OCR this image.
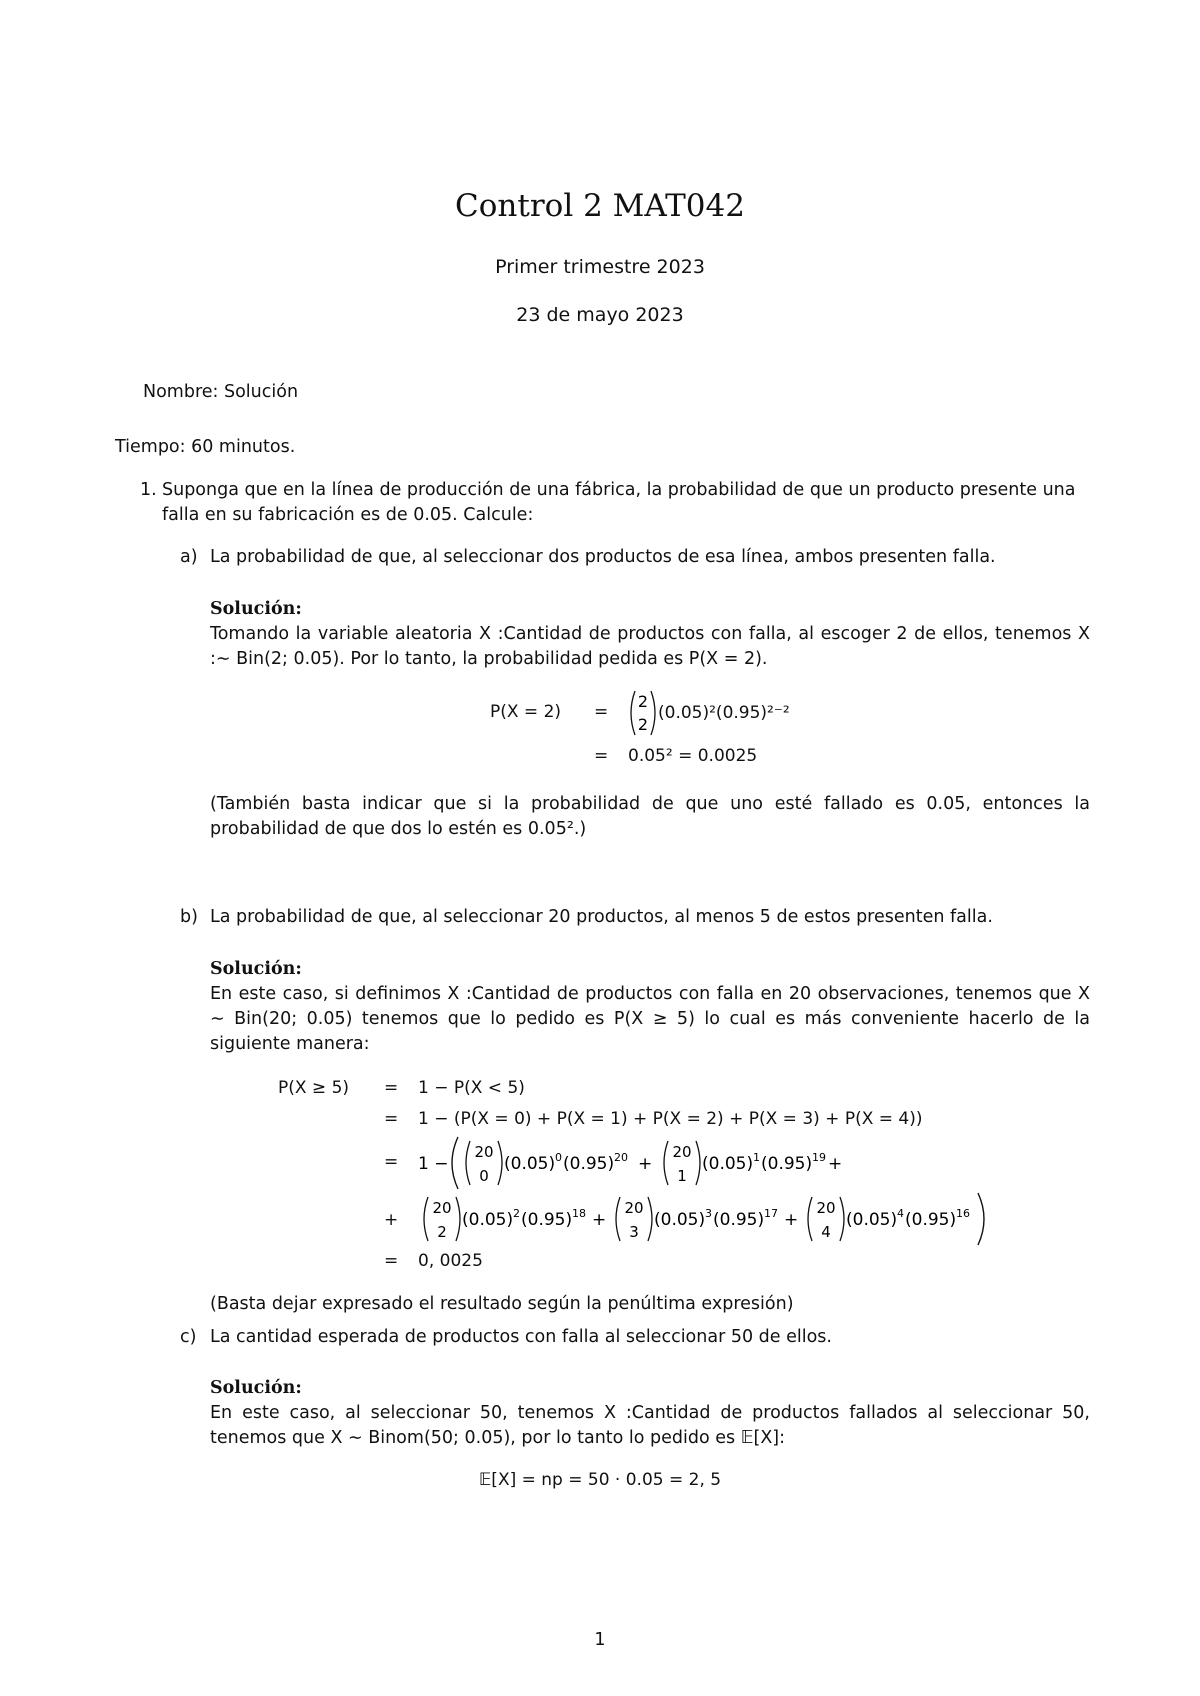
Control 2 MAT042
Primer trimestre 2023
23 de mayo 2023
Nombre: Solución
Tiempo: 60 minutos.
1. Suponga que en la línea de producción de una fábrica, la probabilidad de que un producto presente una falla en su fabricación es de 0.05. Calcule:
a) La probabilidad de que, al seleccionar dos productos de esa línea, ambos presenten falla.
Solución:
Tomando la variable aleatoria X :Cantidad de productos con falla, al escoger 2 de ellos, tenemos X :∼ Bin(2; 0.05). Por lo tanto, la probabilidad pedida es P(X = 2).
P(X = 2) =
2
2
(0.05)²(0.95)²⁻²
= 0.05² = 0.0025
(También basta indicar que si la probabilidad de que uno esté fallado es 0.05, entonces la probabilidad de que dos lo estén es 0.05².)
b) La probabilidad de que, al seleccionar 20 productos, al menos 5 de estos presenten falla.
Solución:
En este caso, si definimos X :Cantidad de productos con falla en 20 observaciones, tenemos que X ∼ Bin(20; 0.05) tenemos que lo pedido es P(X ≥ 5) lo cual es más conveniente hacerlo de la siguiente manera:
P(X ≥ 5) = 1 − P(X < 5)
= 1 − (P(X = 0) + P(X = 1) + P(X = 2) + P(X = 3) + P(X = 4))
= 1 −
20
0
(0.05) 0 (0.95) 20 +
20
1
(0.05) 1 (0.95) 19 +
+
20
2
(0.05) 2 (0.95) 18 +
20
3
(0.05) 3 (0.95) 17 +
20
4
(0.05) 4 (0.95) 16
= 0, 0025
(Basta dejar expresado el resultado según la penúltima expresión)
c) La cantidad esperada de productos con falla al seleccionar 50 de ellos.
Solución:
En este caso, al seleccionar 50, tenemos X :Cantidad de productos fallados al seleccionar 50, tenemos que X ∼ Binom(50; 0.05), por lo tanto lo pedido es 𝔼[X]:
𝔼[X] = np = 50 · 0.05 = 2, 5
1
